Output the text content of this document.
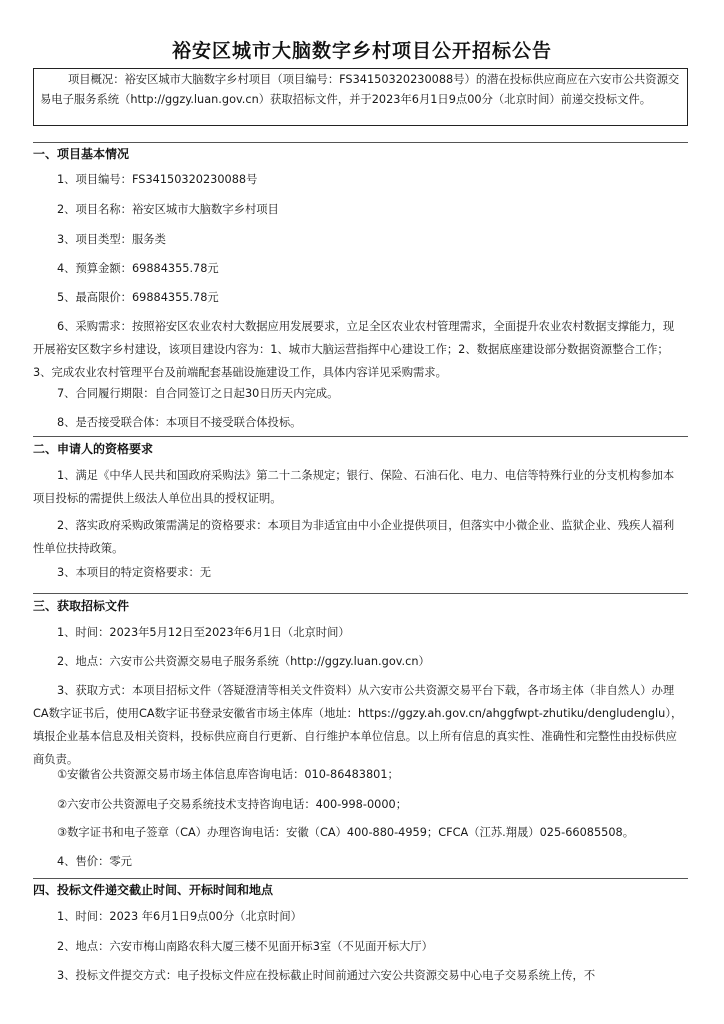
裕安区城市大脑数字乡村项目公开招标公告
项目概况：裕安区城市大脑数字乡村项目（项目编号：FS34150320230088号）的潜在投标供应商应在六安市公共资源交易电子服务系统（http://ggzy.luan.gov.cn）获取招标文件，并于2023年6月1日9点00分（北京时间）前递交投标文件。
一、项目基本情况
1、项目编号：FS34150320230088号
2、项目名称：裕安区城市大脑数字乡村项目
3、项目类型：服务类
4、预算金额：69884355.78元
5、最高限价：69884355.78元
6、采购需求：按照裕安区农业农村大数据应用发展要求，立足全区农业农村管理需求，全面提升农业农村数据支撑能力，现开展裕安区数字乡村建设，该项目建设内容为：1、城市大脑运营指挥中心建设工作；2、数据底座建设部分数据资源整合工作；3、完成农业农村管理平台及前端配套基础设施建设工作，具体内容详见采购需求。
7、合同履行期限：自合同签订之日起30日历天内完成。
8、是否接受联合体：本项目不接受联合体投标。
二、申请人的资格要求
1、满足《中华人民共和国政府采购法》第二十二条规定；银行、保险、石油石化、电力、电信等特殊行业的分支机构参加本项目投标的需提供上级法人单位出具的授权证明。
2、落实政府采购政策需满足的资格要求：本项目为非适宜由中小企业提供项目，但落实中小微企业、监狱企业、残疾人福利性单位扶持政策。
3、本项目的特定资格要求：无
三、获取招标文件
1、时间：2023年5月12日至2023年6月1日（北京时间）
2、地点：六安市公共资源交易电子服务系统（http://ggzy.luan.gov.cn）
3、获取方式：本项目招标文件（答疑澄清等相关文件资料）从六安市公共资源交易平台下载，各市场主体（非自然人）办理CA数字证书后，使用CA数字证书登录安徽省市场主体库（地址：https://ggzy.ah.gov.cn/ahggfwpt-zhutiku/dengludenglu），填报企业基本信息及相关资料，投标供应商自行更新、自行维护本单位信息。以上所有信息的真实性、准确性和完整性由投标供应商负责。
①安徽省公共资源交易市场主体信息库咨询电话：010-86483801；
②六安市公共资源电子交易系统技术支持咨询电话：400-998-0000；
③数字证书和电子签章（CA）办理咨询电话：安徽（CA）400-880-4959；CFCA（江苏.翔晟）025-66085508。
4、售价：零元
四、投标文件递交截止时间、开标时间和地点
1、时间：2023 年6月1日9点00分（北京时间）
2、地点：六安市梅山南路农科大厦三楼不见面开标3室（不见面开标大厅）
3、投标文件提交方式：电子投标文件应在投标截止时间前通过六安公共资源交易中心电子交易系统上传，不
